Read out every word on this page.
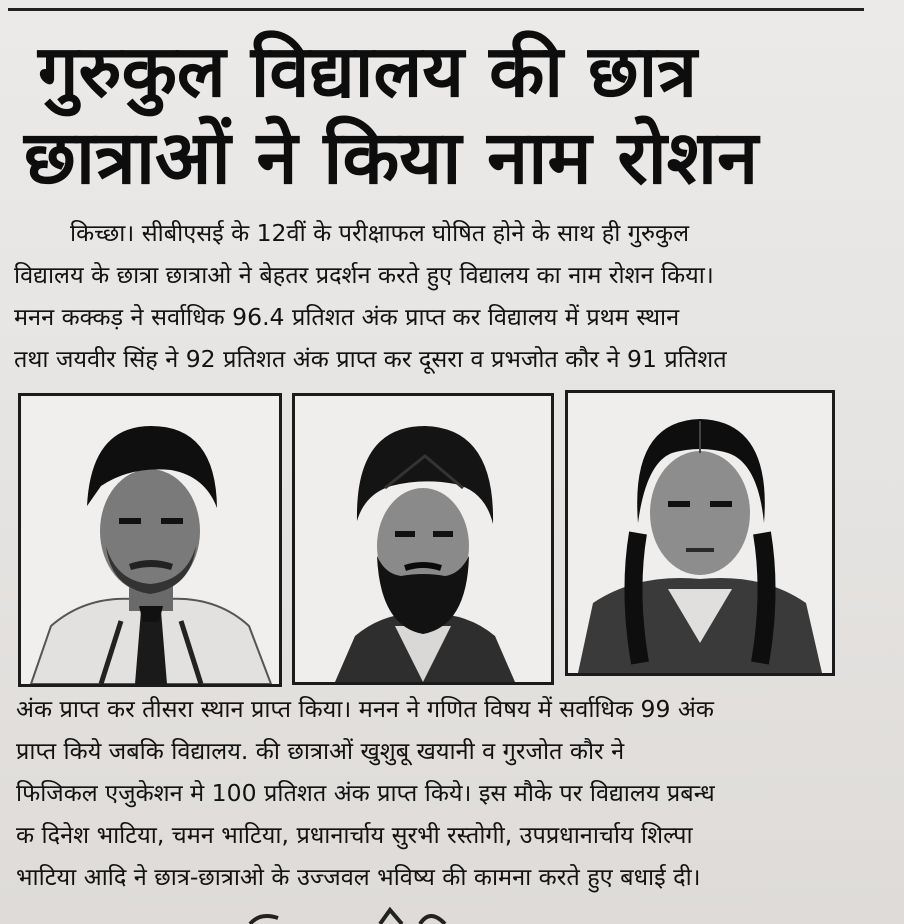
गुरुकुल विद्यालय की छात्र
छात्राओं ने किया नाम रोशन
किच्छा। सीबीएसई के 12वीं के परीक्षाफल घोषित होने के साथ ही गुरुकुल
विद्यालय के छात्रा छात्राओ ने बेहतर प्रदर्शन करते हुए विद्यालय का नाम रोशन किया।
मनन कक्कड़ ने सर्वाधिक 96.4 प्रतिशत अंक प्राप्त कर विद्यालय में प्रथम स्थान
तथा जयवीर सिंह ने 92 प्रतिशत अंक प्राप्त कर दूसरा व प्रभजोत कौर ने 91 प्रतिशत
अंक प्राप्त कर तीसरा स्थान प्राप्त किया। मनन ने गणित विषय में सर्वाधिक 99 अंक
प्राप्त किये जबकि विद्यालय. की छात्राओं खुशुबू खयानी व गुरजोत कौर ने
फिजिकल एजुकेशन मे 100 प्रतिशत अंक प्राप्त किये। इस मौके पर विद्यालय प्रबन्ध
क दिनेश भाटिया, चमन भाटिया, प्रधानार्चाय सुरभी रस्तोगी, उपप्रधानार्चाय शिल्पा
भाटिया आदि ने छात्र-छात्राओ के उज्जवल भविष्य की कामना करते हुए बधाई दी।
